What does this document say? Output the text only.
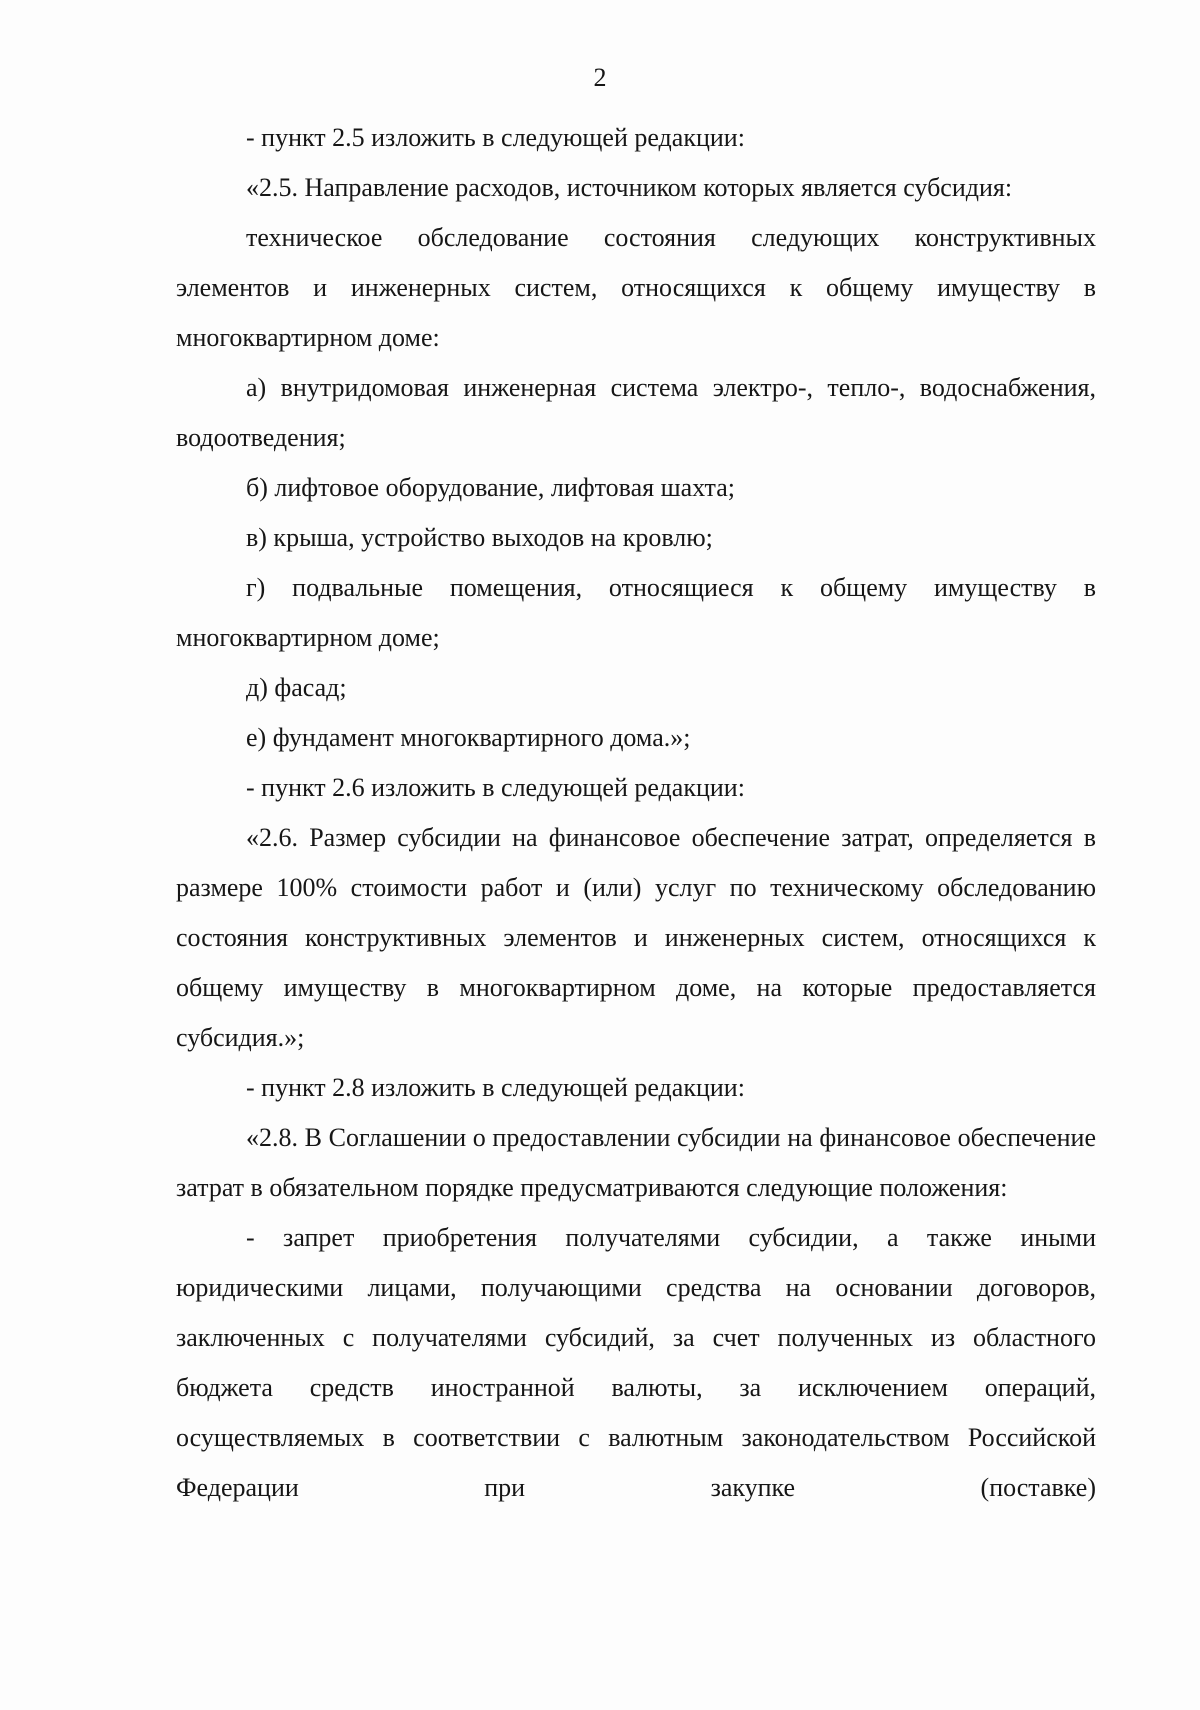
2

- пункт 2.5 изложить в следующей редакции:

«2.5. Направление расходов, источником которых является субсидия:

техническое обследование состояния следующих конструктивных элементов и инженерных систем, относящихся к общему имуществу в многоквартирном доме:

а) внутридомовая инженерная система электро-, тепло-, водоснабжения, водоотведения;

б) лифтовое оборудование, лифтовая шахта;

в) крыша, устройство выходов на кровлю;

г) подвальные помещения, относящиеся к общему имуществу в многоквартирном доме;

д) фасад;

е) фундамент многоквартирного дома.»;

- пункт 2.6 изложить в следующей редакции:

«2.6. Размер субсидии на финансовое обеспечение затрат, определяется в размере 100% стоимости работ и (или) услуг по техническому обследованию состояния конструктивных элементов и инженерных систем, относящихся к общему имуществу в многоквартирном доме, на которые предоставляется субсидия.»;

- пункт 2.8 изложить в следующей редакции:

«2.8. В Соглашении о предоставлении субсидии на финансовое обеспечение затрат в обязательном порядке предусматриваются следующие положения:

- запрет приобретения получателями субсидии, а также иными юридическими лицами, получающими средства на основании договоров, заключенных с получателями субсидий, за счет полученных из областного бюджета средств иностранной валюты, за исключением операций, осуществляемых в соответствии с валютным законодательством Российской Федерации при закупке (поставке)
